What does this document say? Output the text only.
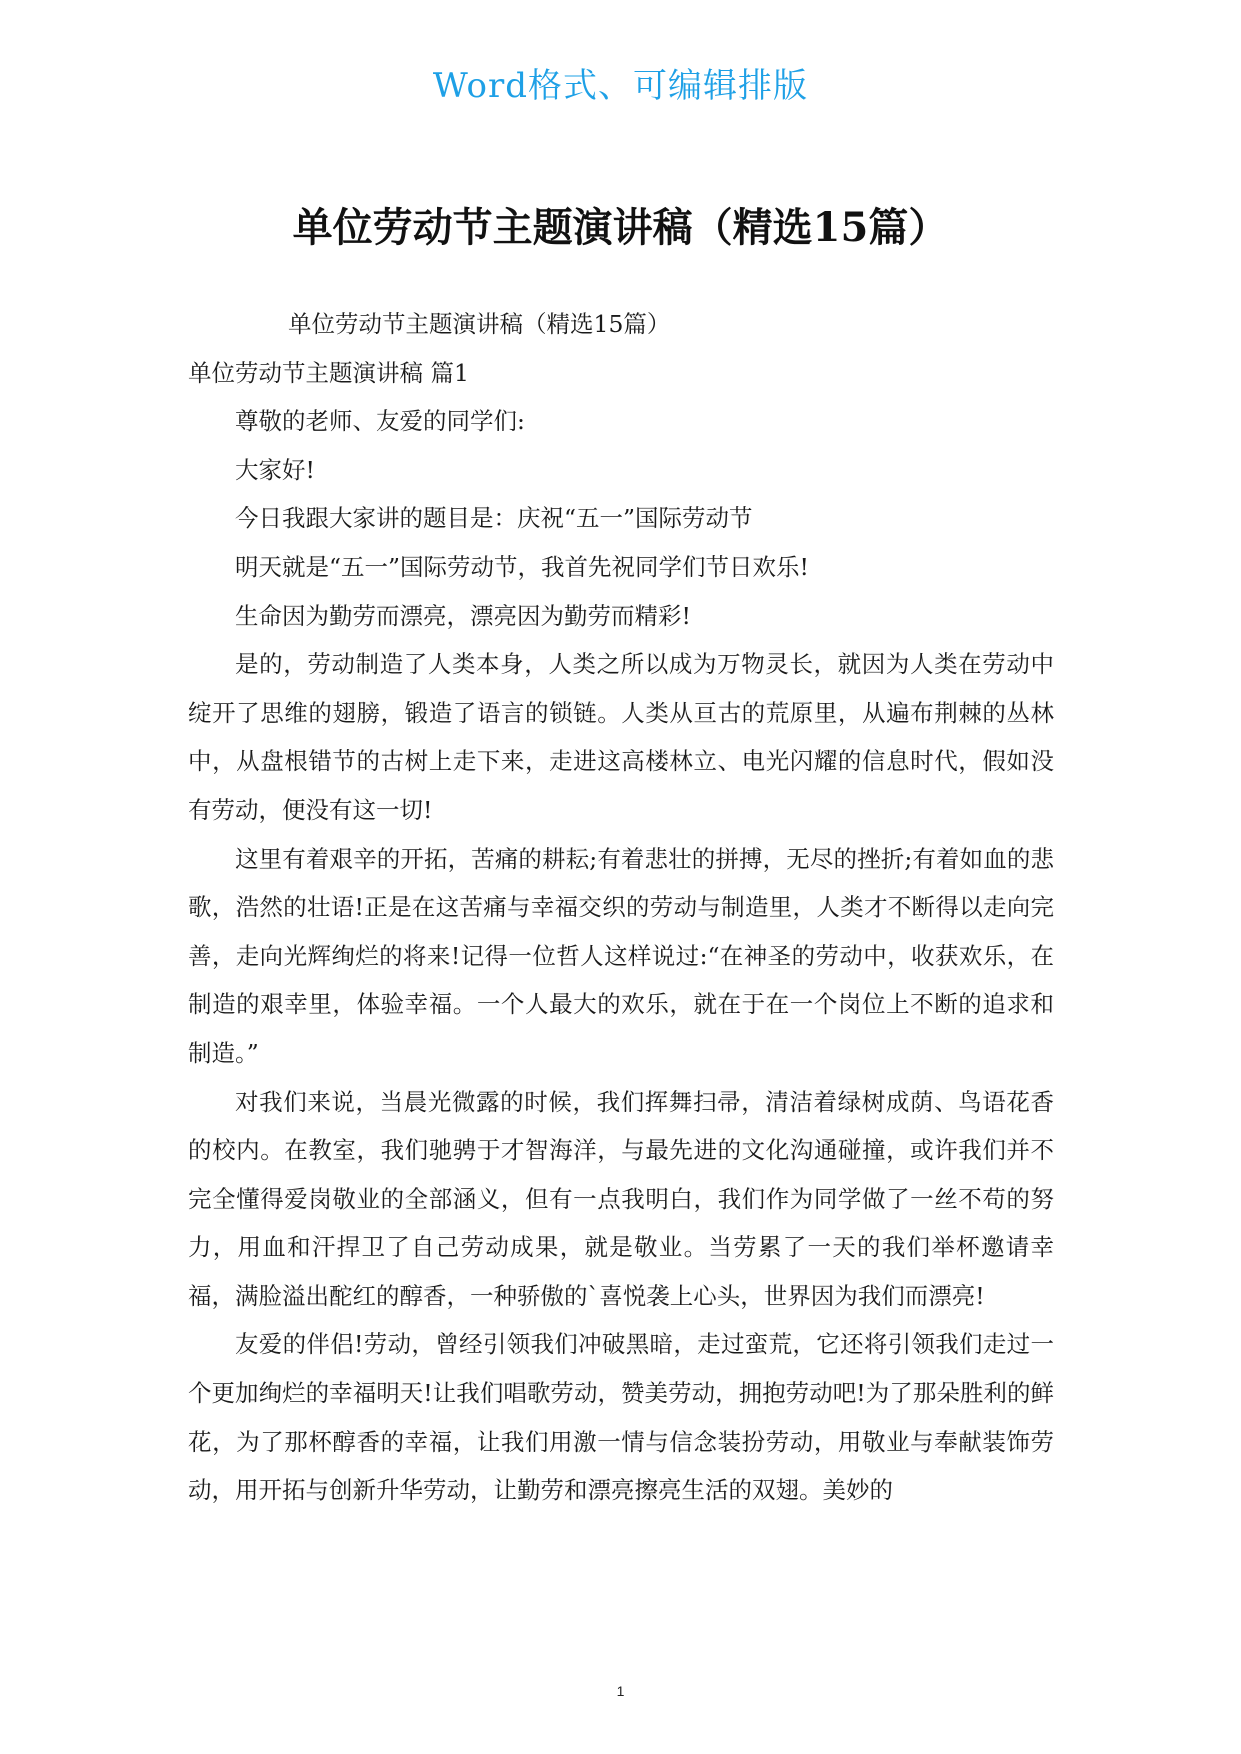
Word格式、可编辑排版
单位劳动节主题演讲稿（精选15篇）

单位劳动节主题演讲稿（精选15篇）

单位劳动节主题演讲稿 篇1

尊敬的老师、友爱的同学们:

大家好!

今日我跟大家讲的题目是：庆祝“五一”国际劳动节

明天就是“五一”国际劳动节，我首先祝同学们节日欢乐!

生命因为勤劳而漂亮，漂亮因为勤劳而精彩!

是的，劳动制造了人类本身，人类之所以成为万物灵长，就因为人类在劳动中绽开了思维的翅膀，锻造了语言的锁链。人类从亘古的荒原里，从遍布荆棘的丛林中，从盘根错节的古树上走下来，走进这高楼林立、电光闪耀的信息时代，假如没有劳动，便没有这一切!

这里有着艰辛的开拓，苦痛的耕耘;有着悲壮的拼搏，无尽的挫折;有着如血的悲歌，浩然的壮语!正是在这苦痛与幸福交织的劳动与制造里，人类才不断得以走向完善，走向光辉绚烂的将来!记得一位哲人这样说过:“在神圣的劳动中，收获欢乐，在制造的艰幸里，体验幸福。一个人最大的欢乐，就在于在一个岗位上不断的追求和制造。”

对我们来说，当晨光微露的时候，我们挥舞扫帚，清洁着绿树成荫、鸟语花香的校内。在教室，我们驰骋于才智海洋，与最先进的文化沟通碰撞，或许我们并不完全懂得爱岗敬业的全部涵义，但有一点我明白，我们作为同学做了一丝不苟的努力，用血和汗捍卫了自己劳动成果，就是敬业。当劳累了一天的我们举杯邀请幸福，满脸溢出酡红的醇香，一种骄傲的`喜悦袭上心头，世界因为我们而漂亮!

友爱的伴侣!劳动，曾经引领我们冲破黑暗，走过蛮荒，它还将引领我们走过一个更加绚烂的幸福明天!让我们唱歌劳动，赞美劳动，拥抱劳动吧!为了那朵胜利的鲜花，为了那杯醇香的幸福，让我们用激一情与信念装扮劳动，用敬业与奉献装饰劳动，用开拓与创新升华劳动，让勤劳和漂亮擦亮生活的双翅。美妙的

1
